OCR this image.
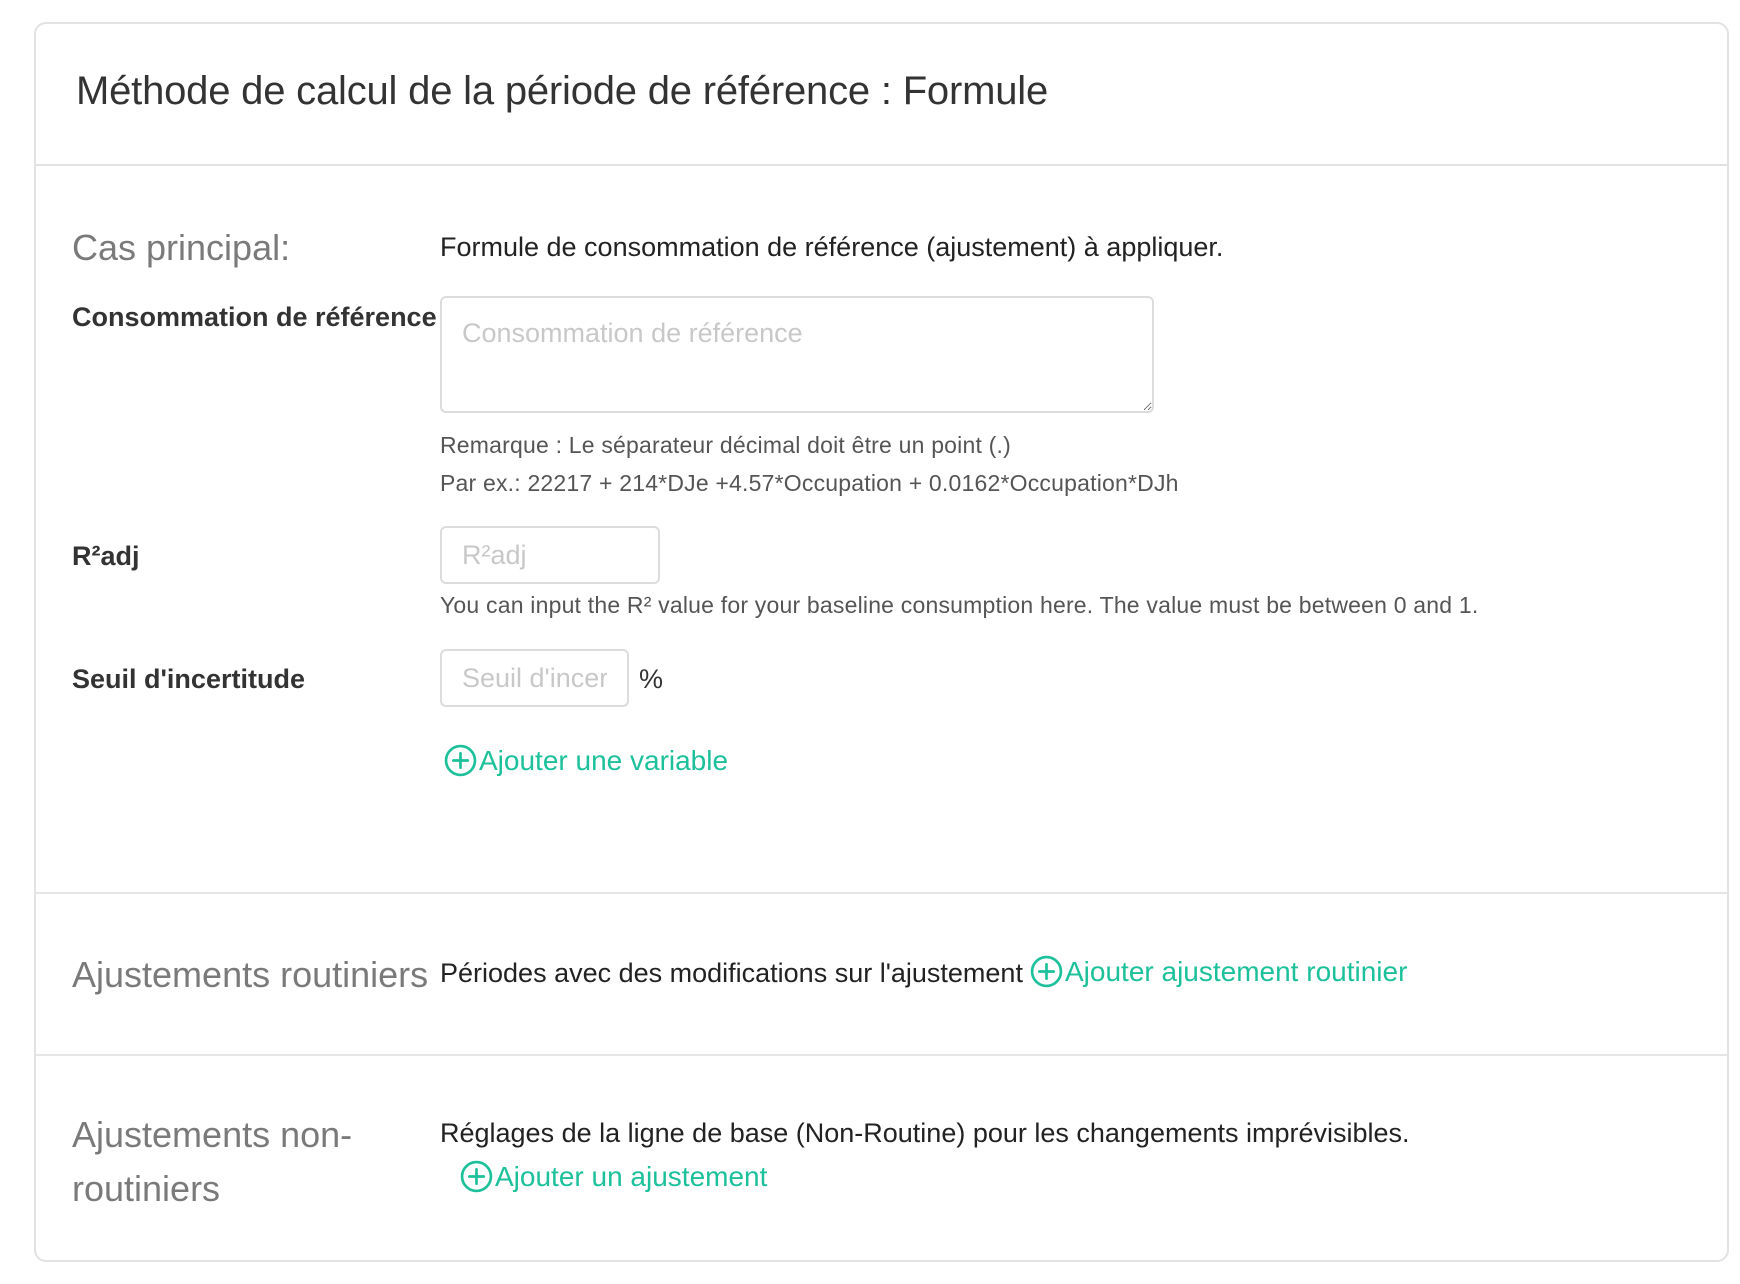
Méthode de calcul de la période de référence : Formule
Cas principal:	Formule de consommation de référence (ajustement) à appliquer.
Consommation de référence
Consommation de référence
Remarque : Le séparateur décimal doit être un point (.)
Par ex.: 22217 + 214*DJe +4.57*Occupation + 0.0162*Occupation*DJh
R²adj
R²adj
You can input the R² value for your baseline consumption here. The value must be between 0 and 1.
Seuil d'incertitude
Seuil d'incertitude	%
Ajouter une variable
Ajustements routiniers Périodes avec des modifications sur l'ajustement Ajouter ajustement routinier
Ajustements non-
routiniers
Réglages de la ligne de base (Non-Routine) pour les changements imprévisibles.
Ajouter un ajustement
